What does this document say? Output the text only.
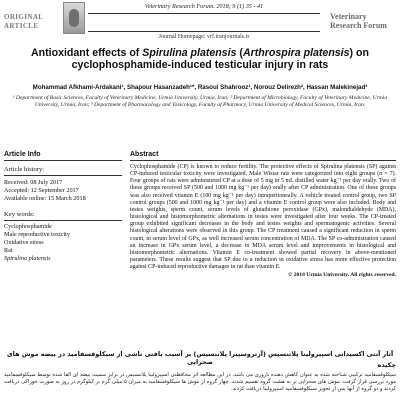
ORIGINAL ARTICLE
Veterinary Research Forum. 2018; 9 (1) 35 - 41
Journal Homepage: vrf.iranjournals.ir
Veterinary Research Forum
Antioxidant effects of Spirulina platensis (Arthrospira platensis) on cyclophosphamide-induced testicular injury in rats
Mohammad Afkhami-Ardakani¹, Shapour Hasanzadeh¹*, Rasoul Shahrooz¹, Norouz Delirezh², Hassan Malekinejad³
¹ Department of Basic Sciences, Faculty of Veterinary Medicine, Urmia University, Urmia, Iran; ² Department of Microbiology, Faculty of Veterinary Medicine, Urmia University, Urmia, Iran; ³ Department of Pharmacology and Toxicology, Faculty of Pharmacy, Urmia University of Medical Sciences, Urmia, Iran.
Article Info
Article history:
Received: 08 July 2017
Accepted: 12 September 2017
Available online: 15 March 2018
Key words:
Cyclophosphamide
Male reproductive toxicity
Oxidative stress
Rat
Spirulina platensis
Abstract
Cyclophosphamide (CP) is known to reduce fertility. The protective effects of Spirulina platensis (SP) against CP-induced testicular toxicity were investigated. Male Wistar rats were categorized into eight groups (n = 7). Four groups of rats were administered CP at a dose of 5 mg in 5 mL distilled water kg⁻¹ per day orally. Two of these groups received SP (500 and 1000 mg kg⁻¹ per day) orally after CP administration. One of these groups was also received vitamin E (100 mg kg⁻¹ per day) intraperitoneally. A vehicle treated control group, two SP control groups (500 and 1000 mg kg⁻¹ per day) and a vitamin E control group were also included. Body and testes weights, sperm count, serum levels of glutathione peroxidase (GPx), malondialdehyde (MDA), histological and histomorphometric alternations in testes were investigated after four weeks. The CP-treated group exhibited significant decreases in the body and testes weights and spermatogenic activities. Several histological alterations were observed in this group. The CP treatment caused a significant reduction in sperm count, in serum level of GPx, as well increased serum concentration of MDA. The SP co-administration caused an increase in GPx serum level, a decrease in MDA serum level and improvements in histological and histomorphometric alternations. Vitamin E co-treatment showed partial recovery in above-mentioned parameters. These results suggest that SP due to a reduction in oxidative stress has more effective protection against CP-induced reproductive damages in rat than vitamin E.
© 2018 Urmia University. All rights reserved.
آثار آنتی اکسیدانی اسپیرولینا پلاتنسیس (آرتروسپیرا پلاتنسیس) بر آسیب بافتی ناشی از سیکلوفسفامید در بیضه موش های صحرایی	چکیده
سیکلوفسفامید ترکیبی شناخته شده به عنوان کاهش دهنده باروری می باشد. در این مطالعه اثر محافظتی اسپیرولینا پلاتنسیس در برابر سمیت بیضه ای القا شده توسط سیکلوفسفامید مورد بررسی قرار گرفت. موش های صحرایی نر به هشت گروه تقسیم شدند. چهار گروه از موش ها سیکلوفسفامید به میزان ۵ میلی گرم بر کیلوگرم در روز به صورت خوراکی دریافت کردند و دو گروه از آنها پس از تجویز سیکلوفسفامید اسپیرولینا دریافت کردند.
